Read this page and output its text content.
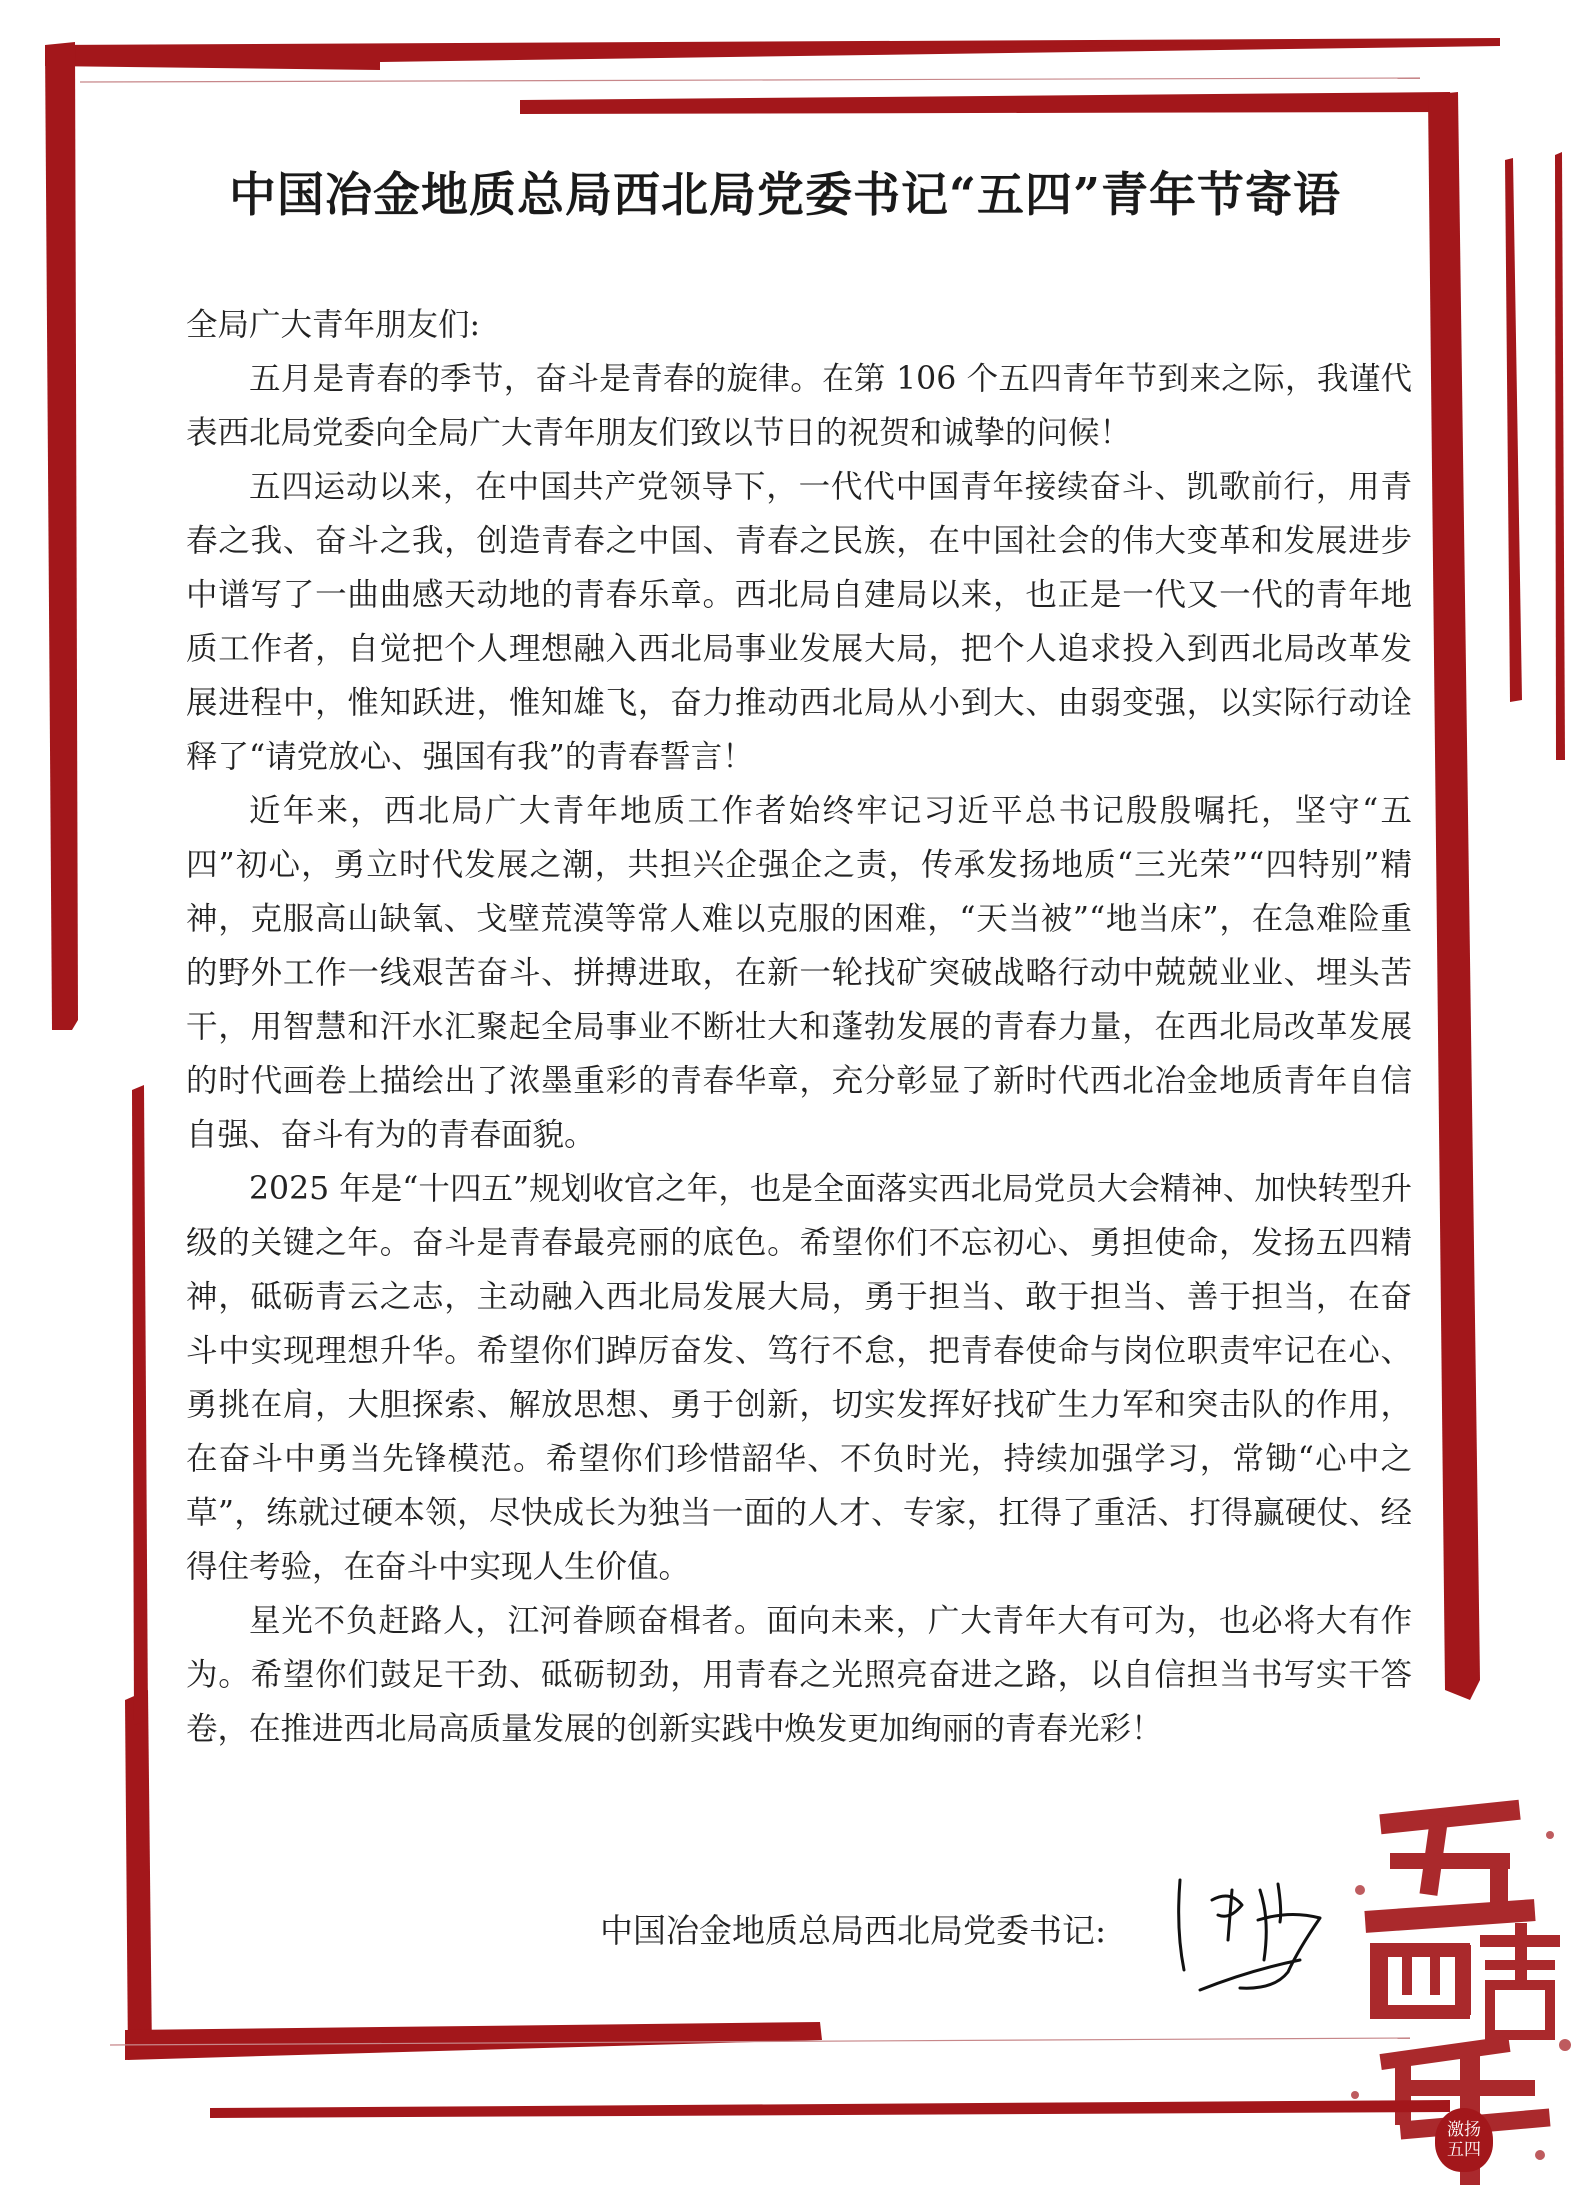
中国冶金地质总局西北局党委书记“五四”青年节寄语

全局广大青年朋友们:

五月是青春的季节，奋斗是青春的旋律。在第 106 个五四青年节到来之际，我谨代表西北局党委向全局广大青年朋友们致以节日的祝贺和诚挚的问候！

五四运动以来，在中国共产党领导下，一代代中国青年接续奋斗、凯歌前行，用青春之我、奋斗之我，创造青春之中国、青春之民族，在中国社会的伟大变革和发展进步中谱写了一曲曲感天动地的青春乐章。西北局自建局以来，也正是一代又一代的青年地质工作者，自觉把个人理想融入西北局事业发展大局，把个人追求投入到西北局改革发展进程中，惟知跃进，惟知雄飞，奋力推动西北局从小到大、由弱变强，以实际行动诠释了“请党放心、强国有我”的青春誓言！

近年来，西北局广大青年地质工作者始终牢记习近平总书记殷殷嘱托，坚守“五四”初心，勇立时代发展之潮，共担兴企强企之责，传承发扬地质“三光荣”“四特别”精神，克服高山缺氧、戈壁荒漠等常人难以克服的困难，“天当被”“地当床”，在急难险重的野外工作一线艰苦奋斗、拼搏进取，在新一轮找矿突破战略行动中兢兢业业、埋头苦干，用智慧和汗水汇聚起全局事业不断壮大和蓬勃发展的青春力量，在西北局改革发展的时代画卷上描绘出了浓墨重彩的青春华章，充分彰显了新时代西北冶金地质青年自信自强、奋斗有为的青春面貌。

2025 年是“十四五”规划收官之年，也是全面落实西北局党员大会精神、加快转型升级的关键之年。奋斗是青春最亮丽的底色。希望你们不忘初心、勇担使命，发扬五四精神，砥砺青云之志，主动融入西北局发展大局，勇于担当、敢于担当、善于担当，在奋斗中实现理想升华。希望你们踔厉奋发、笃行不怠，把青春使命与岗位职责牢记在心、勇挑在肩，大胆探索、解放思想、勇于创新，切实发挥好找矿生力军和突击队的作用，在奋斗中勇当先锋模范。希望你们珍惜韶华、不负时光，持续加强学习，常锄“心中之草”，练就过硬本领，尽快成长为独当一面的人才、专家，扛得了重活、打得赢硬仗、经得住考验，在奋斗中实现人生价值。

星光不负赶路人，江河眷顾奋楫者。面向未来，广大青年大有可为，也必将大有作为。希望你们鼓足干劲、砥砺韧劲，用青春之光照亮奋进之路，以自信担当书写实干答卷，在推进西北局高质量发展的创新实践中焕发更加绚丽的青春光彩！

中国冶金地质总局西北局党委书记:
激扬
五四
